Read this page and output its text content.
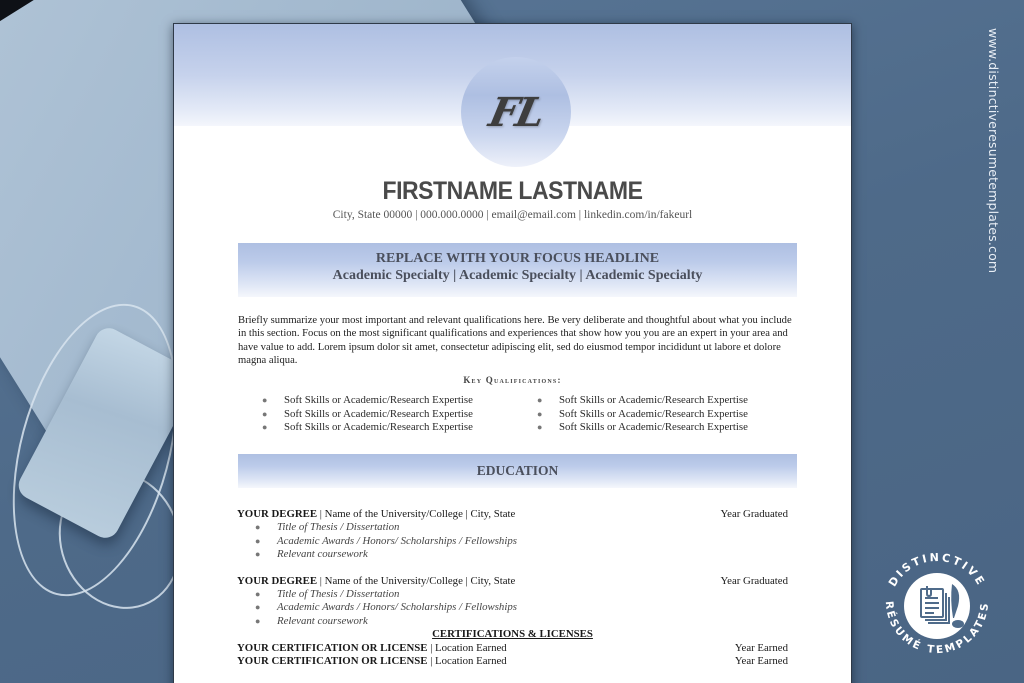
FL
FIRSTNAME LASTNAME
City, State 00000 | 000.000.0000 | email@email.com | linkedin.com/in/fakeurl
REPLACE WITH YOUR FOCUS HEADLINE
Academic Specialty | Academic Specialty | Academic Specialty

Briefly summarize your most important and relevant qualifications here. Be very deliberate and thoughtful about what you include in this section. Focus on the most significant qualifications and experiences that show how you you are an expert in your area and have value to add. Lorem ipsum dolor sit amet, consectetur adipiscing elit, sed do eiusmod tempor incididunt ut labore et dolore magna aliqua.

Key Qualifications:
●	Soft Skills or Academic/Research Expertise
●	Soft Skills or Academic/Research Expertise
●	Soft Skills or Academic/Research Expertise
●	Soft Skills or Academic/Research Expertise
●	Soft Skills or Academic/Research Expertise
●	Soft Skills or Academic/Research Expertise
EDUCATION
YOUR DEGREE | Name of the University/College | City, State	Year Graduated
●	Title of Thesis / Dissertation
●	Academic Awards / Honors/ Scholarships / Fellowships
●	Relevant coursework
YOUR DEGREE | Name of the University/College | City, State	Year Graduated
●	Title of Thesis / Dissertation
●	Academic Awards / Honors/ Scholarships / Fellowships
●	Relevant coursework
CERTIFICATIONS & LICENSES
YOUR CERTIFICATION OR LICENSE | Location Earned	Year Earned
YOUR CERTIFICATION OR LICENSE | Location Earned	Year Earned
www.distinctiveresumetemplates.com
DISTINCTIVE
RÉSUMÉ TEMPLATES
